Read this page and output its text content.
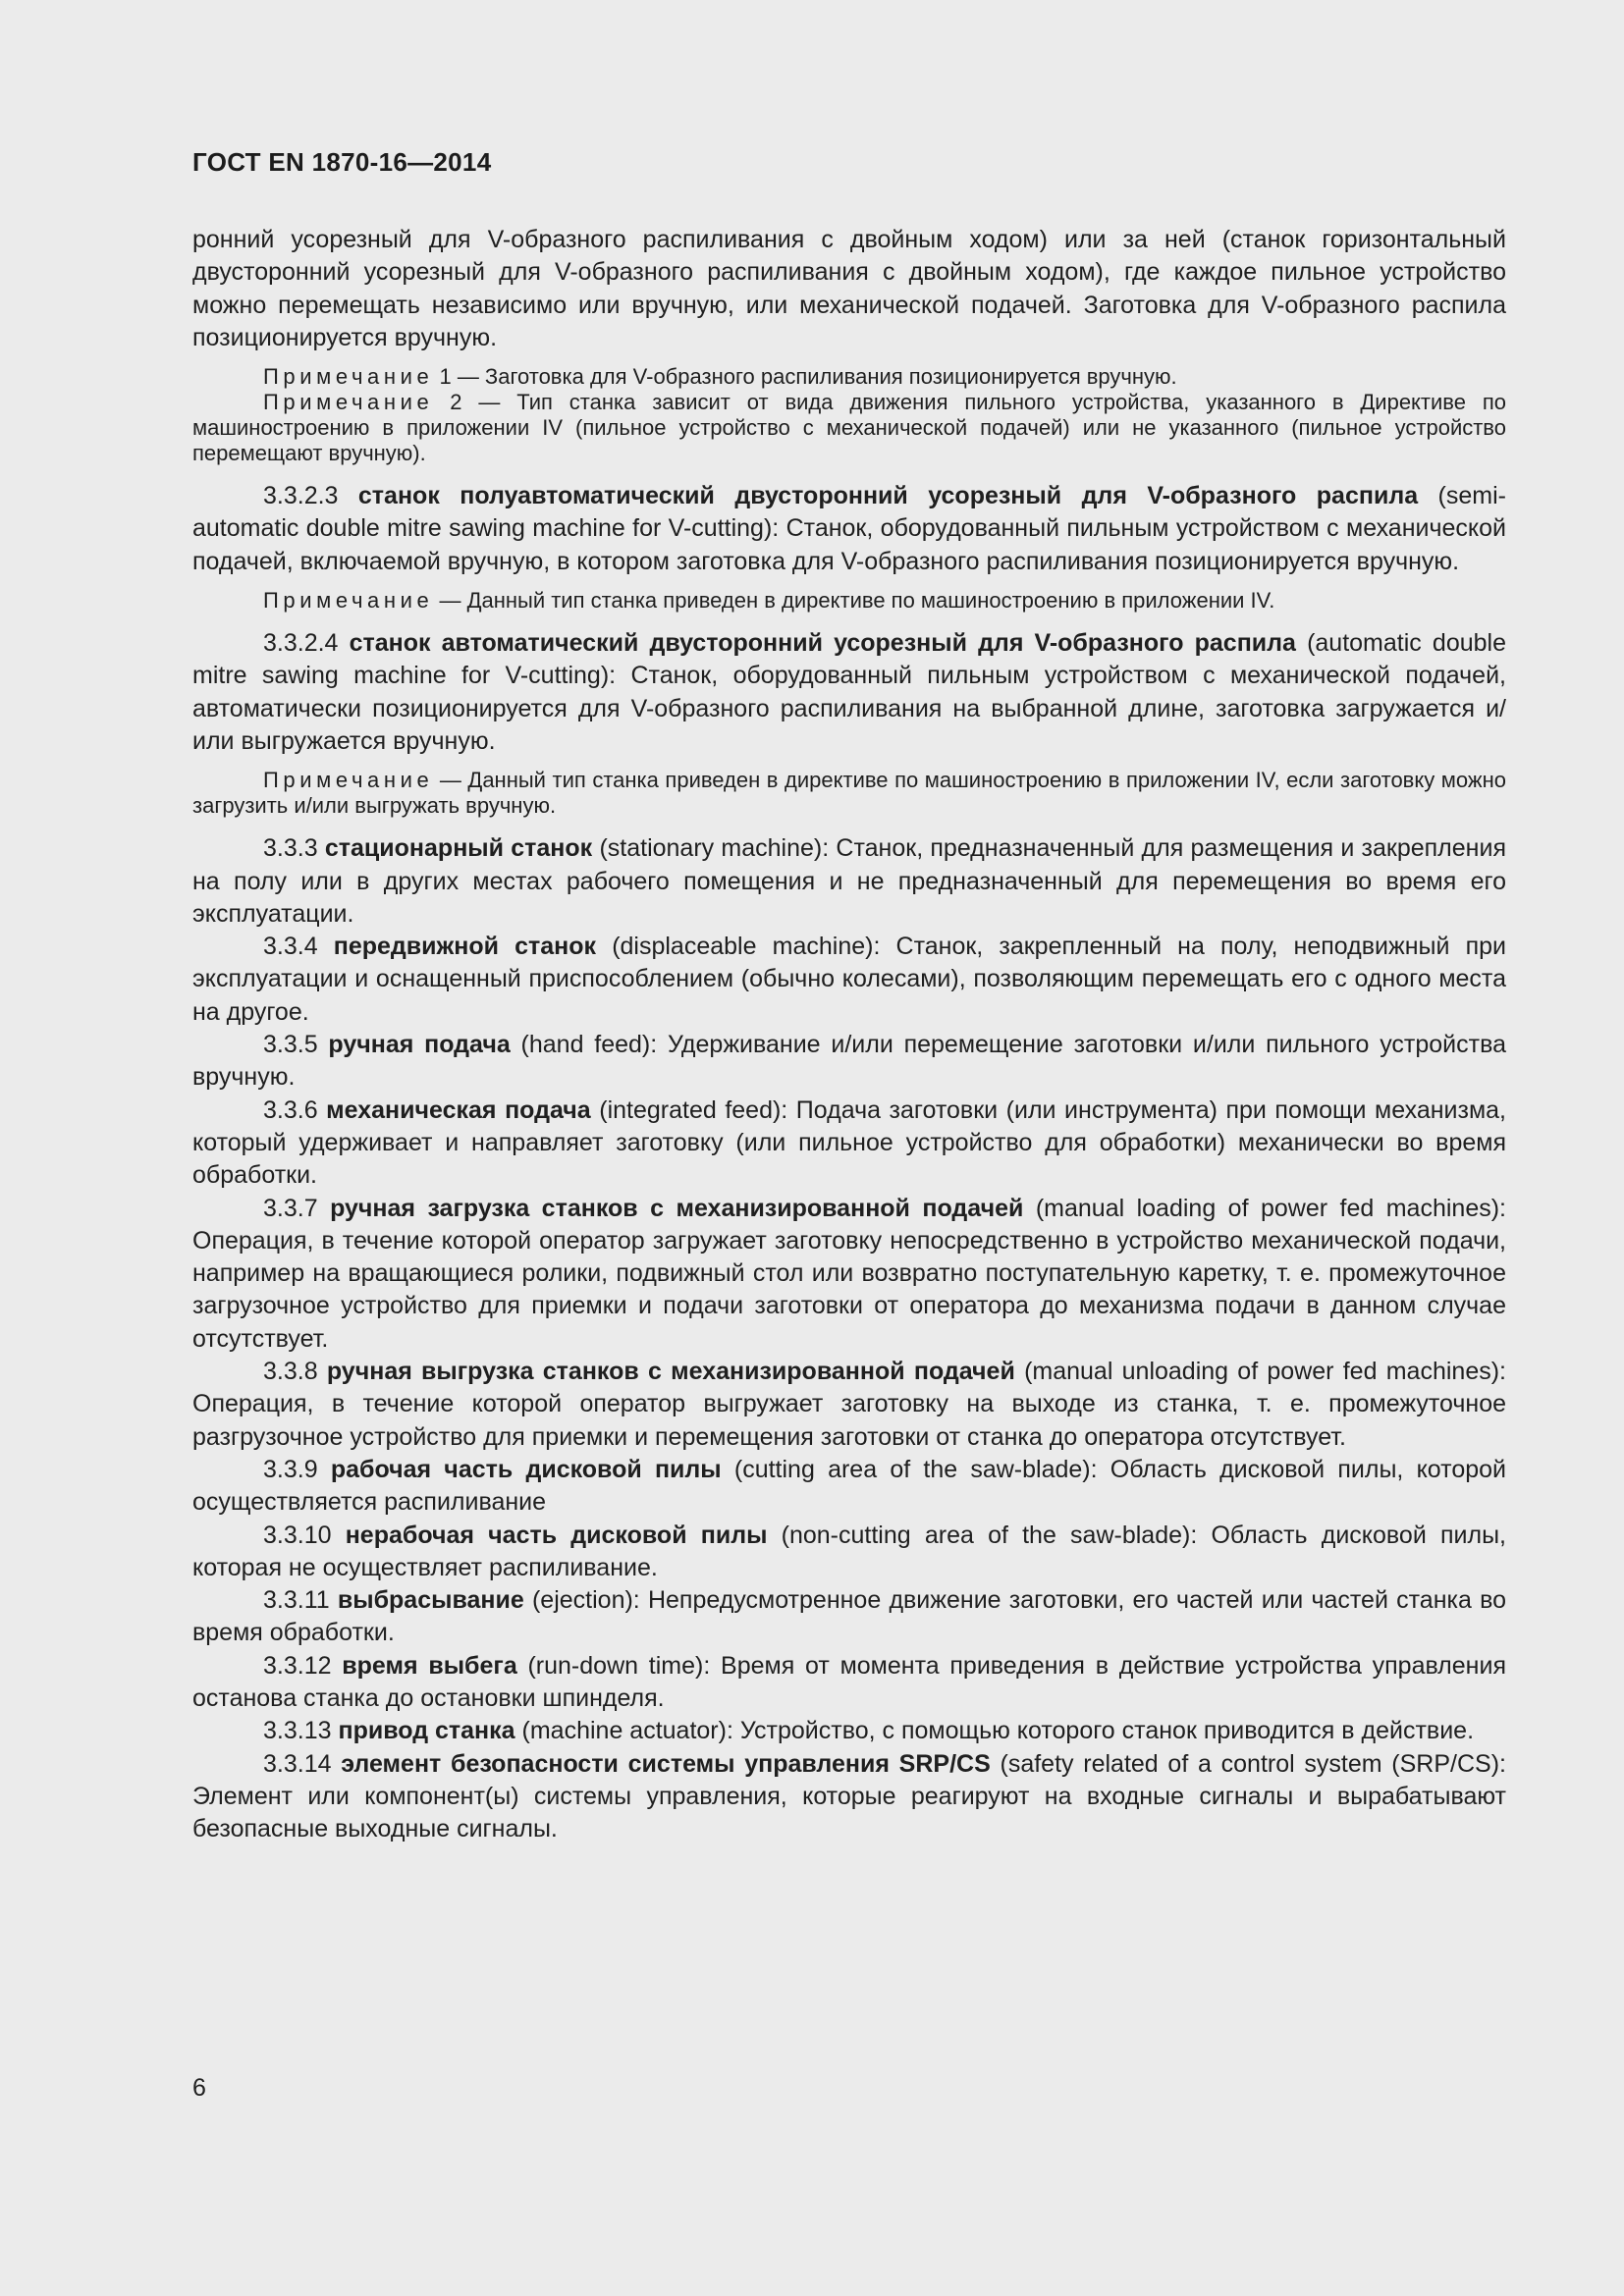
ГОСТ EN 1870-16—2014

ронний усорезный для V-образного распиливания с двойным ходом) или за ней (станок горизонтальный двусторонний усорезный для V-образного распиливания с двойным ходом), где каждое пильное устройство можно перемещать независимо или вручную, или механической подачей. Заготовка для V-образного распила позиционируется вручную.

Примечание 1 — Заготовка для V-образного распиливания позиционируется вручную.

Примечание 2 — Тип станка зависит от вида движения пильного устройства, указанного в Директиве по машиностроению в приложении IV (пильное устройство с механической подачей) или не указанного (пильное устройство перемещают вручную).

3.3.2.3 станок полуавтоматический двусторонний усорезный для V-образного распила (semi-automatic double mitre sawing machine for V-cutting): Станок, оборудованный пильным устройством с механической подачей, включаемой вручную, в котором заготовка для V-образного распиливания позиционируется вручную.

Примечание — Данный тип станка приведен в директиве по машиностроению в приложении IV.

3.3.2.4 станок автоматический двусторонний усорезный для V-образного распила (automatic double mitre sawing machine for V-cutting): Станок, оборудованный пильным устройством с механической подачей, автоматически позиционируется для V-образного распиливания на выбранной длине, заготовка загружается и/или выгружается вручную.

Примечание — Данный тип станка приведен в директиве по машиностроению в приложении IV, если заготовку можно загрузить и/или выгружать вручную.

3.3.3 стационарный станок (stationary machine): Станок, предназначенный для размещения и закрепления на полу или в других местах рабочего помещения и не предназначенный для перемещения во время его эксплуатации.

3.3.4 передвижной станок (displaceable machine): Станок, закрепленный на полу, неподвижный при эксплуатации и оснащенный приспособлением (обычно колесами), позволяющим перемещать его с одного места на другое.

3.3.5 ручная подача (hand feed): Удерживание и/или перемещение заготовки и/или пильного устройства вручную.

3.3.6 механическая подача (integrated feed): Подача заготовки (или инструмента) при помощи механизма, который удерживает и направляет заготовку (или пильное устройство для обработки) механически во время обработки.

3.3.7 ручная загрузка станков с механизированной подачей (manual loading of power fed machines): Операция, в течение которой оператор загружает заготовку непосредственно в устройство механической подачи, например на вращающиеся ролики, подвижный стол или возвратно поступательную каретку, т. е. промежуточное загрузочное устройство для приемки и подачи заготовки от оператора до механизма подачи в данном случае отсутствует.

3.3.8 ручная выгрузка станков с механизированной подачей (manual unloading of power fed machines): Операция, в течение которой оператор выгружает заготовку на выходе из станка, т. е. промежуточное разгрузочное устройство для приемки и перемещения заготовки от станка до оператора отсутствует.

3.3.9 рабочая часть дисковой пилы (cutting area of the saw-blade): Область дисковой пилы, которой осуществляется распиливание

3.3.10 нерабочая часть дисковой пилы (non-cutting area of the saw-blade): Область дисковой пилы, которая не осуществляет распиливание.

3.3.11 выбрасывание (ejection): Непредусмотренное движение заготовки, его частей или частей станка во время обработки.

3.3.12 время выбега (run-down time): Время от момента приведения в действие устройства управления останова станка до остановки шпинделя.

3.3.13 привод станка (machine actuator): Устройство, с помощью которого станок приводится в действие.

3.3.14 элемент безопасности системы управления SRP/CS (safety related of a control system (SRP/CS): Элемент или компонент(ы) системы управления, которые реагируют на входные сигналы и вырабатывают безопасные выходные сигналы.

6
